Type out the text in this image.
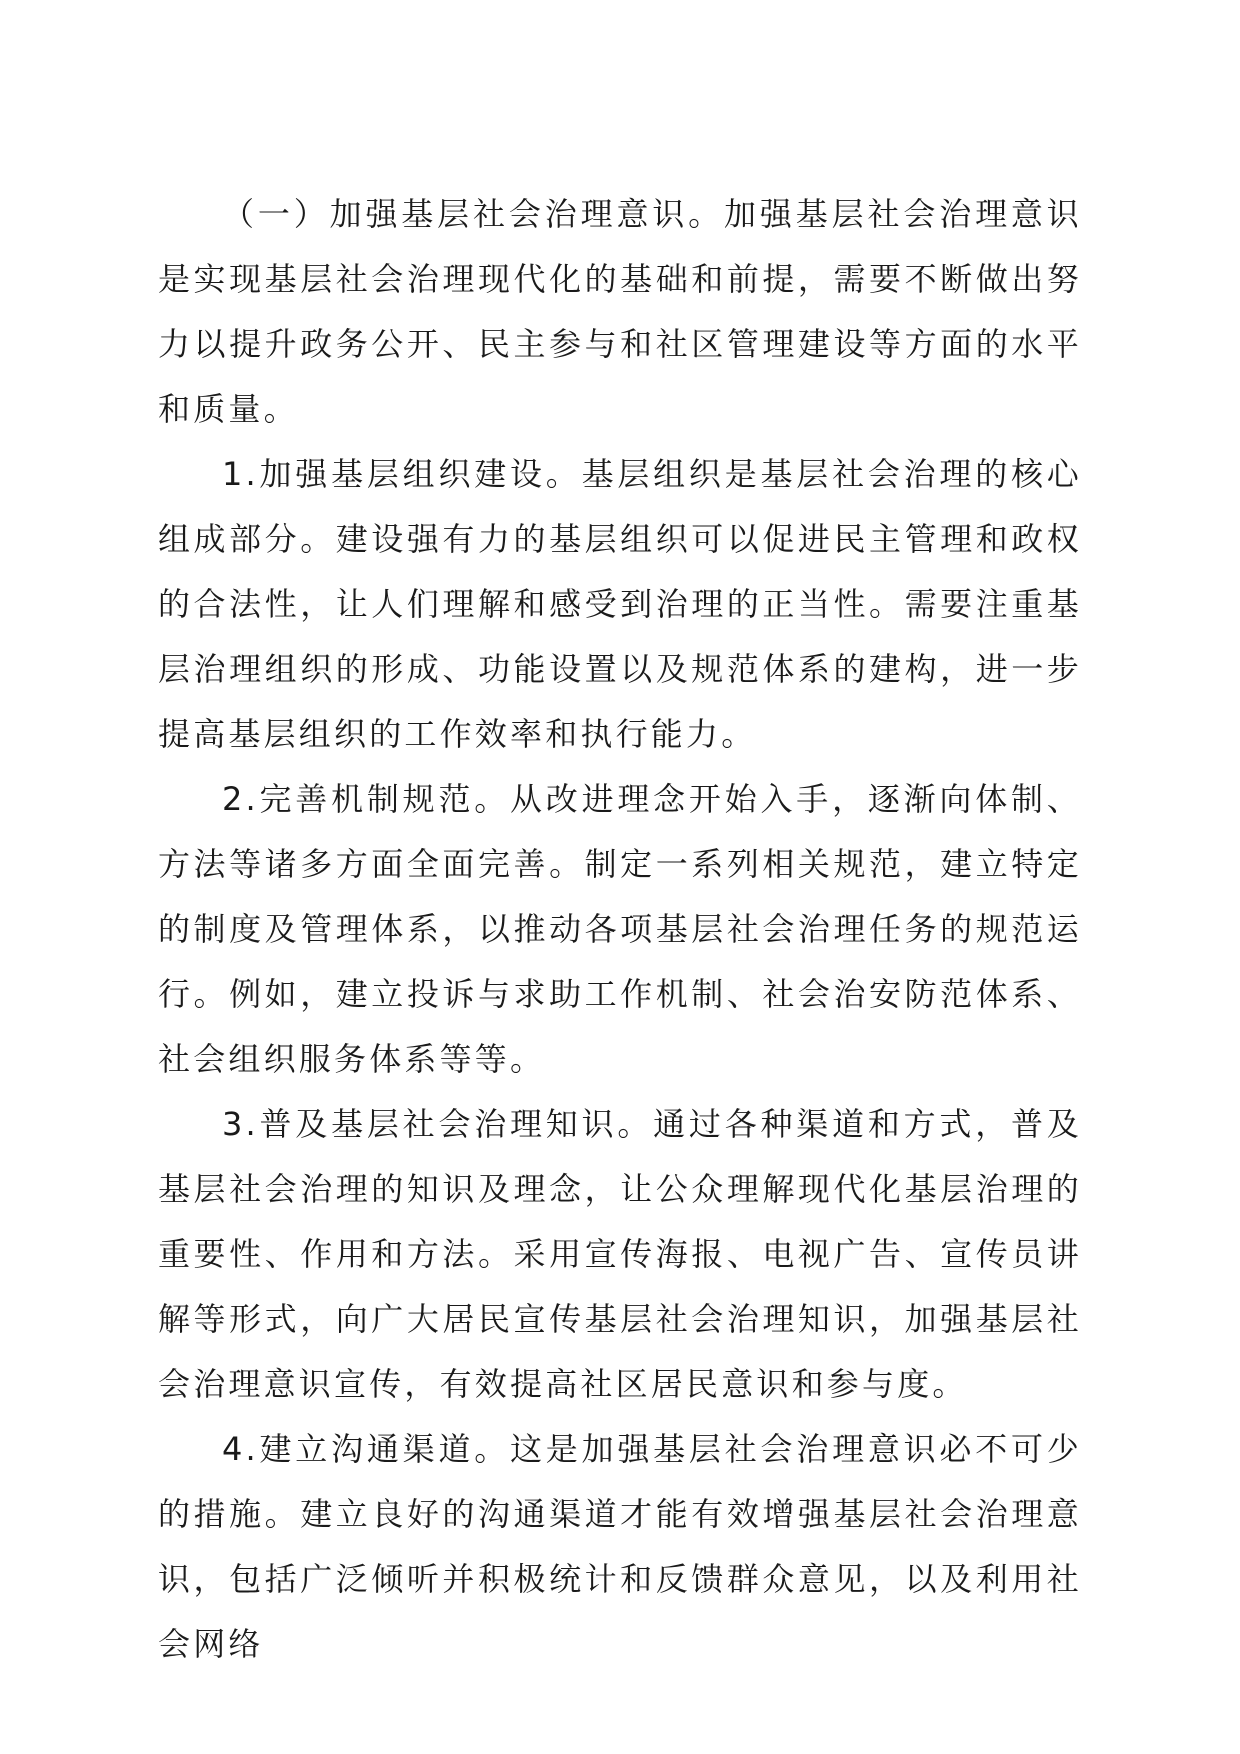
（一）加强基层社会治理意识。加强基层社会治理意识是实现基层社会治理现代化的基础和前提，需要不断做出努力以提升政务公开、民主参与和社区管理建设等方面的水平和质量。

1.加强基层组织建设。基层组织是基层社会治理的核心组成部分。建设强有力的基层组织可以促进民主管理和政权的合法性，让人们理解和感受到治理的正当性。需要注重基层治理组织的形成、功能设置以及规范体系的建构，进一步提高基层组织的工作效率和执行能力。

2.完善机制规范。从改进理念开始入手，逐渐向体制、方法等诸多方面全面完善。制定一系列相关规范，建立特定的制度及管理体系，以推动各项基层社会治理任务的规范运行。例如，建立投诉与求助工作机制、社会治安防范体系、社会组织服务体系等等。

3.普及基层社会治理知识。通过各种渠道和方式，普及基层社会治理的知识及理念，让公众理解现代化基层治理的重要性、作用和方法。采用宣传海报、电视广告、宣传员讲解等形式，向广大居民宣传基层社会治理知识，加强基层社会治理意识宣传，有效提高社区居民意识和参与度。

4.建立沟通渠道。这是加强基层社会治理意识必不可少的措施。建立良好的沟通渠道才能有效增强基层社会治理意识，包括广泛倾听并积极统计和反馈群众意见，以及利用社会网络
